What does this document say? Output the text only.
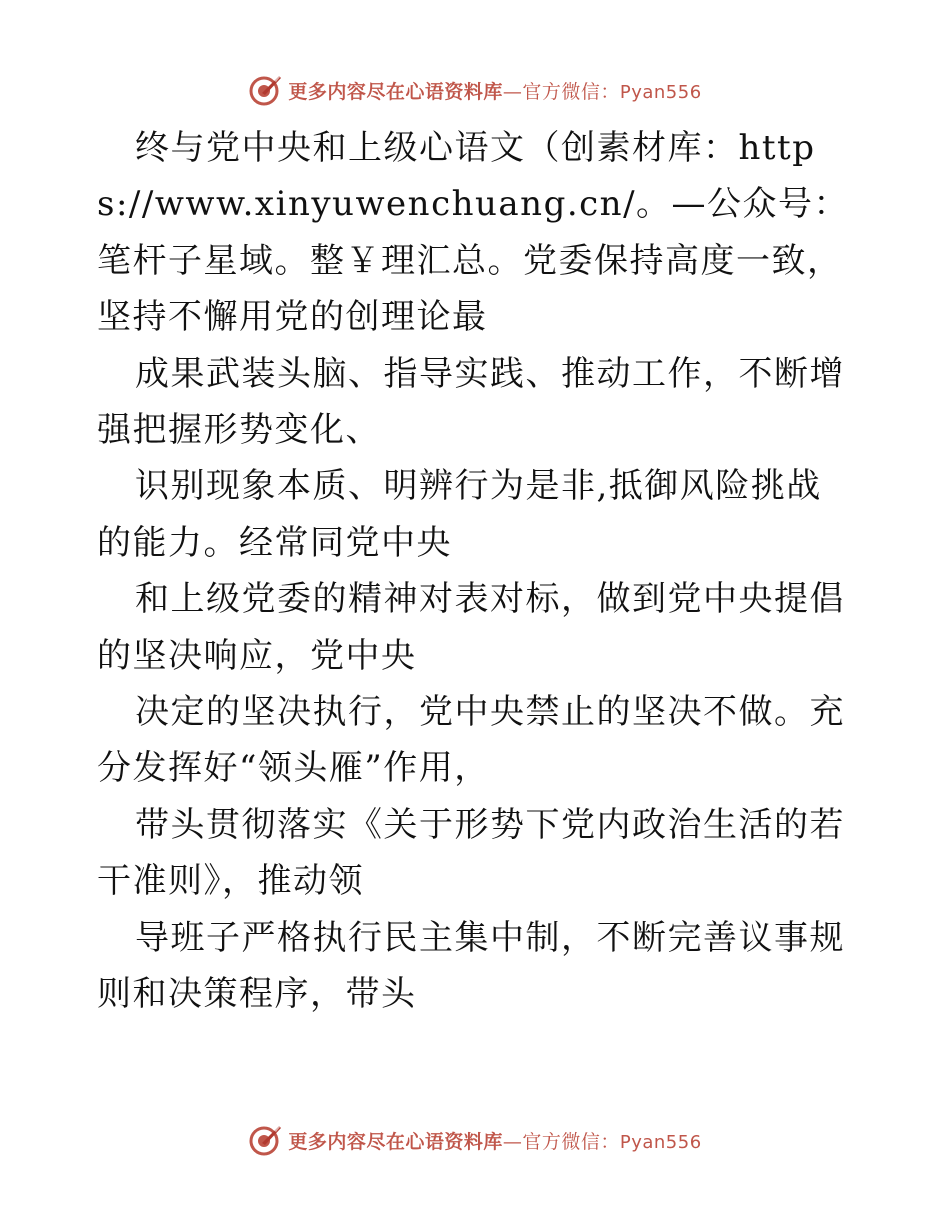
更多内容尽在心语资料库—官方微信：Pyan556

终与党中央和上级心语文（创素材库：https://www.xinyuwenchuang.cn/。—公众号：笔杆子星域。整￥理汇总。党委保持高度一致，坚持不懈用党的创理论最

成果武装头脑、指导实践、推动工作，不断增强把握形势变化、

识别现象本质、明辨行为是非,抵御风险挑战的能力。经常同党中央

和上级党委的精神对表对标，做到党中央提倡的坚决响应，党中央

决定的坚决执行，党中央禁止的坚决不做。充分发挥好“领头雁”作用，

带头贯彻落实《关于形势下党内政治生活的若干准则》，推动领

导班子严格执行民主集中制，不断完善议事规则和决策程序，带头

更多内容尽在心语资料库—官方微信：Pyan556
